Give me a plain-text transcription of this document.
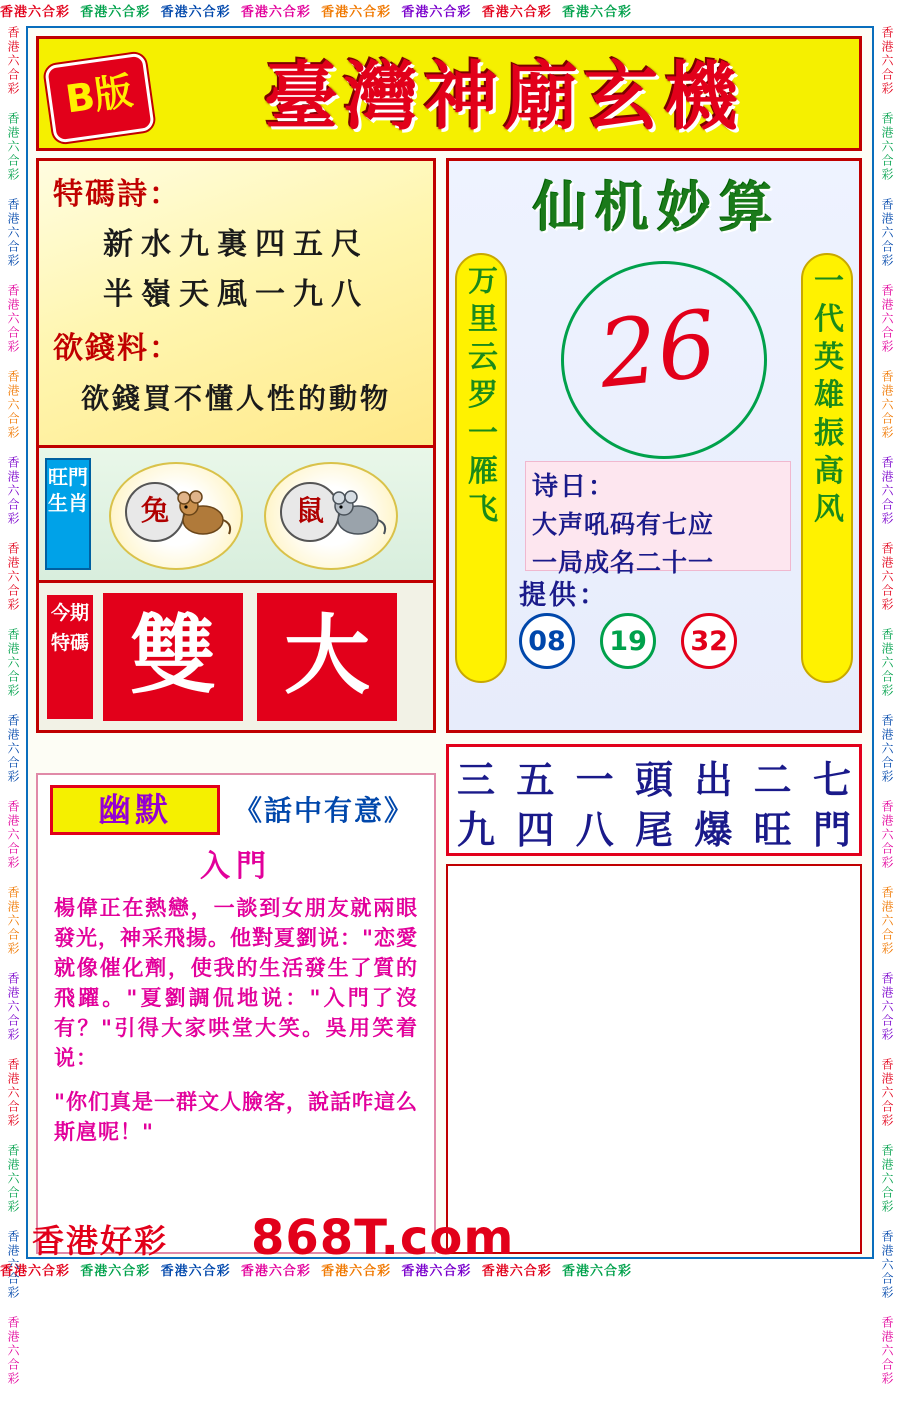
香港六合彩 香港六合彩 香港六合彩 香港六合彩 香港六合彩 香港六合彩 香港六合彩 香港六合彩
香港六合彩 香港六合彩 香港六合彩 香港六合彩 香港六合彩 香港六合彩 香港六合彩 香港六合彩
香港六合彩 香港六合彩 香港六合彩 香港六合彩 香港六合彩 香港六合彩 香港六合彩 香港六合彩 香港六合彩 香港六合彩 香港六合彩 香港六合彩 香港六合彩 香港六合彩 香港六合彩 香港六合彩
香港六合彩 香港六合彩 香港六合彩 香港六合彩 香港六合彩 香港六合彩 香港六合彩 香港六合彩 香港六合彩 香港六合彩 香港六合彩 香港六合彩 香港六合彩 香港六合彩 香港六合彩 香港六合彩
B版	臺灣神廟玄機
特碼詩：
新水九裏四五尺
半嶺天風一九八
欲錢料：
欲錢買不懂人性的動物
旺門生肖	兔	鼠
今期特碼 雙 大
仙机妙算
万
里
云
罗
一
雁
飞
一
代
英
雄
振
高
风
26
诗日：
大声吼码有七应
一局成名二十一
提供：
08 19 32
三 五 一 頭 出 二 七
九 四 八 尾 爆 旺 門
幽默	《話中有意》
入門

楊偉正在熱戀，一談到女朋友就兩眼發光，神采飛揚。他對夏劉说："恋愛就像催化劑，使我的生活發生了質的飛躍。"夏劉調侃地说："入門了沒有？"引得大家哄堂大笑。吳用笑着说：

"你们真是一群文人臉客，說話咋這么斯扈呢！"

香港好彩 868T.com
